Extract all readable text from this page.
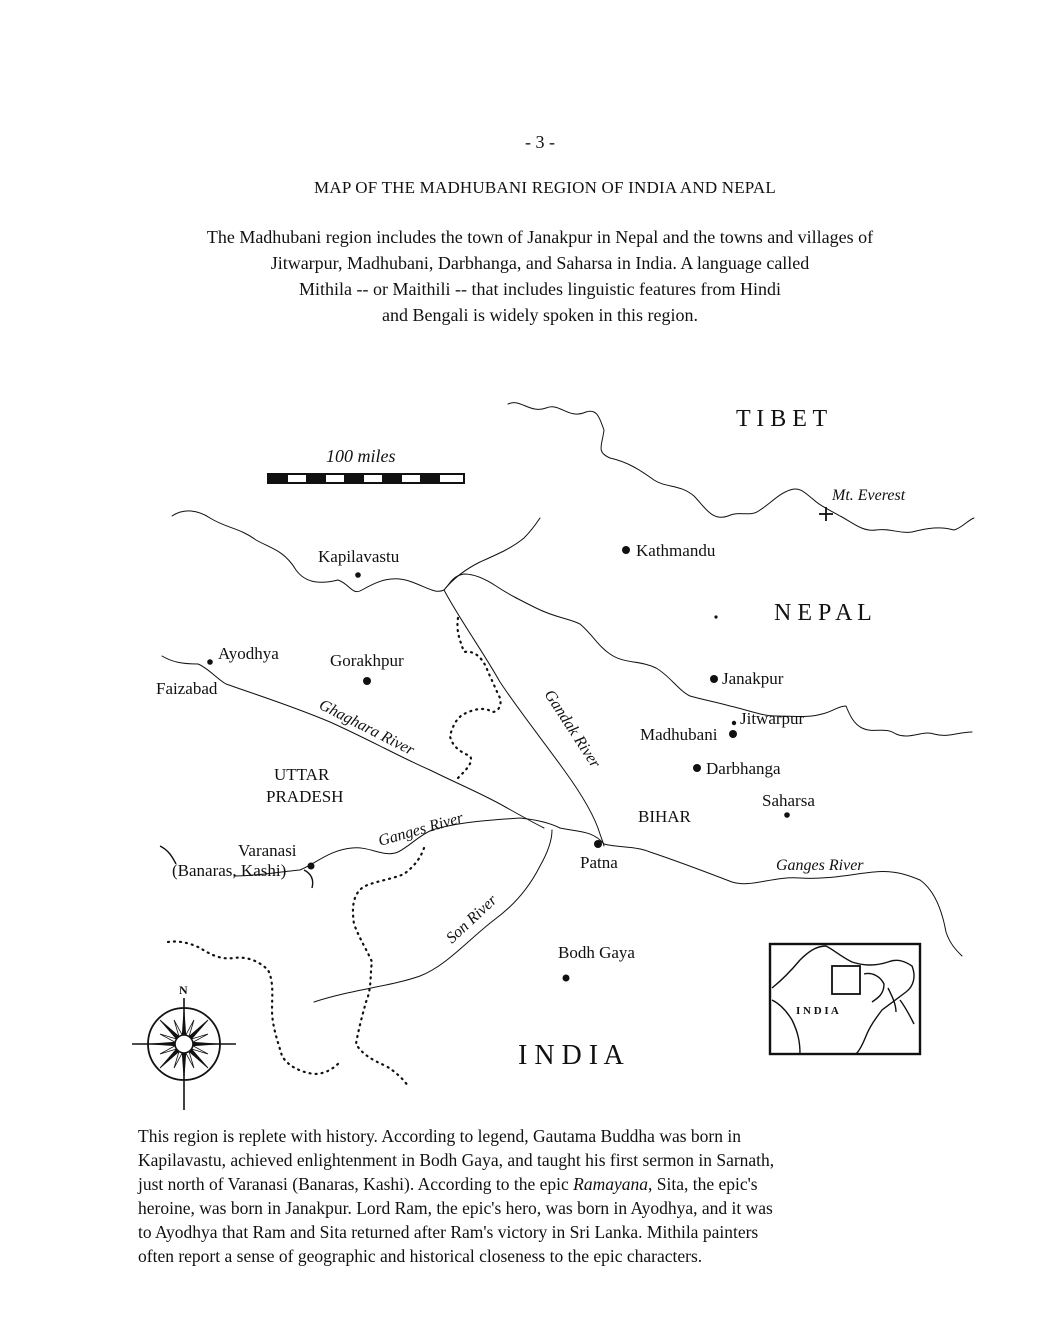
- 3 -
MAP OF THE MADHUBANI REGION OF INDIA AND NEPAL
The Madhubani region includes the town of Janakpur in Nepal and the towns and villages of
Jitwarpur, Madhubani, Darbhanga, and Saharsa in India. A language called
Mithila -- or Maithili -- that includes linguistic features from Hindi
and Bengali is widely spoken in this region.
100 miles
T I B E T
N E P A L
I N D I A
UTTAR
PRADESH
BIHAR
Mt. Everest
Kathmandu
Kapilavastu
Ayodhya
Faizabad
Gorakhpur
Janakpur
Jitwarpur
Madhubani
Darbhanga
Saharsa
Varanasi
(Banaras, Kashi)	Patna
Bodh Gaya
Ghaghara River	Gandak River
Ganges River
Ganges River
Son River
N
I N D I A
This region is replete with history. According to legend, Gautama Buddha was born in
Kapilavastu, achieved enlightenment in Bodh Gaya, and taught his first sermon in Sarnath,
just north of Varanasi (Banaras, Kashi). According to the epic Ramayana, Sita, the epic's
heroine, was born in Janakpur. Lord Ram, the epic's hero, was born in Ayodhya, and it was
to Ayodhya that Ram and Sita returned after Ram's victory in Sri Lanka. Mithila painters
often report a sense of geographic and historical closeness to the epic characters.
